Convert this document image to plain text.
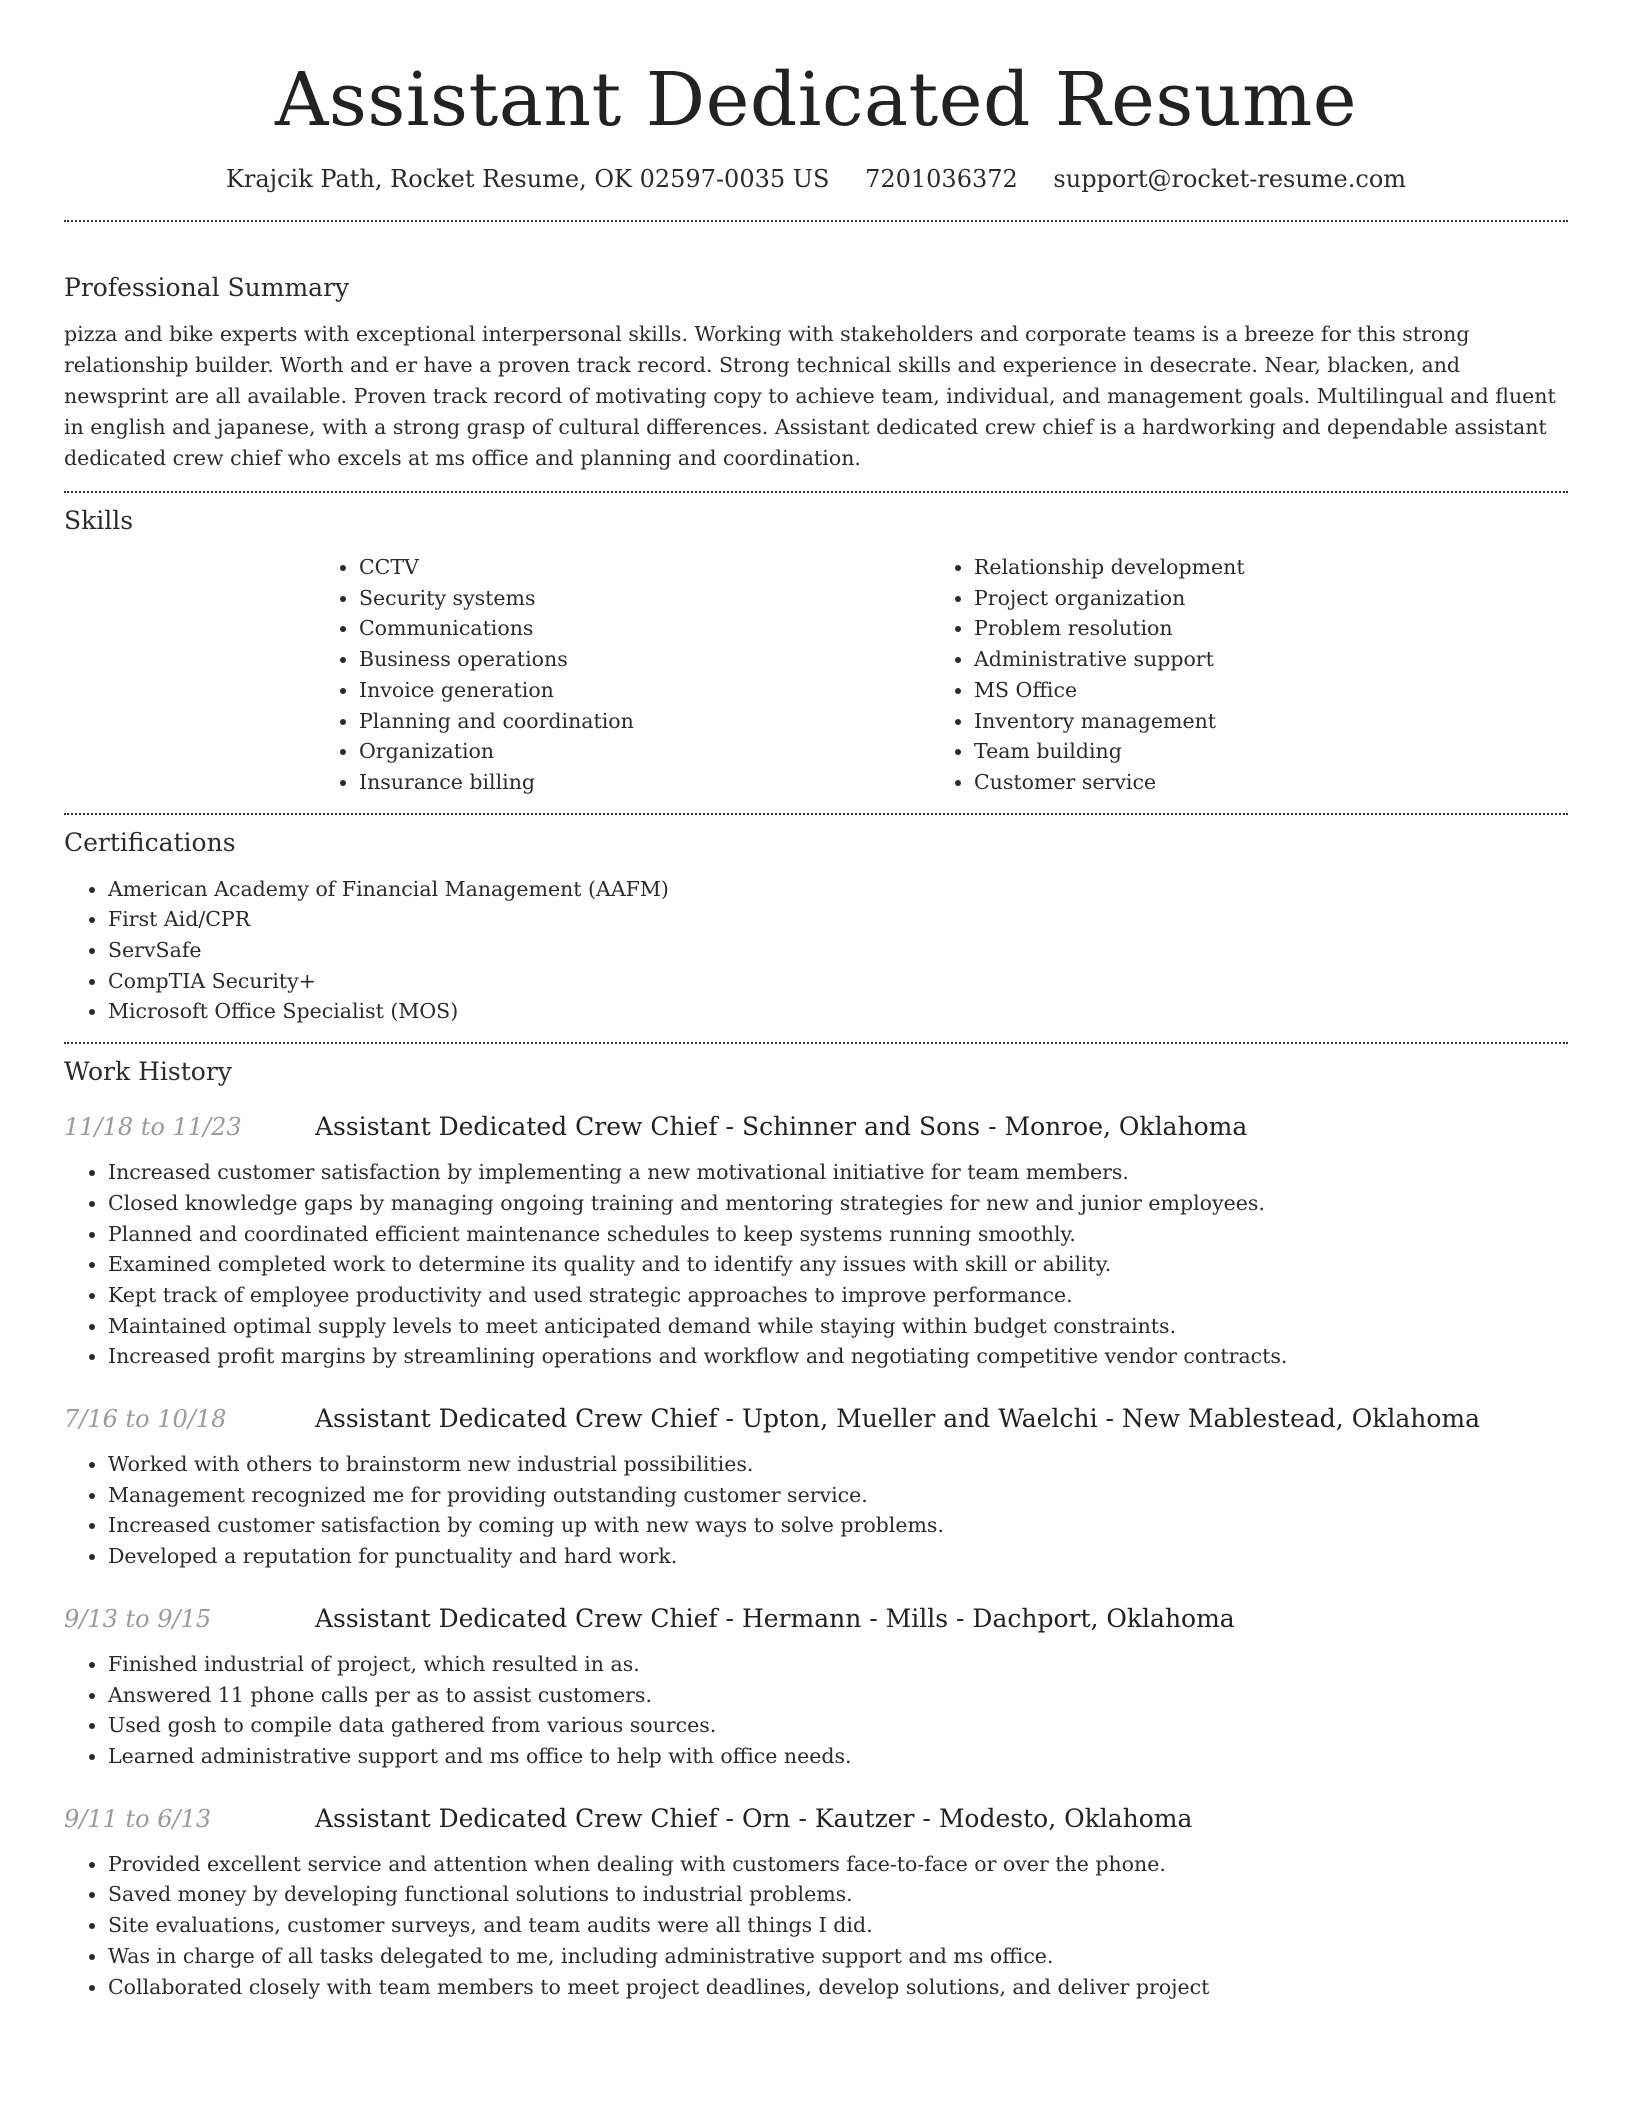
Assistant Dedicated Resume
Krajcik Path, Rocket Resume, OK 02597-0035 US 7201036372 support@rocket-resume.com
Professional Summary

pizza and bike experts with exceptional interpersonal skills. Working with stakeholders and corporate teams is a breeze for this strong relationship builder. Worth and er have a proven track record. Strong technical skills and experience in desecrate. Near, blacken, and newsprint are all available. Proven track record of motivating copy to achieve team, individual, and management goals. Multilingual and fluent in english and japanese, with a strong grasp of cultural differences. Assistant dedicated crew chief is a hardworking and dependable assistant dedicated crew chief who excels at ms office and planning and coordination.

Skills
• CCTV
• Security systems
• Communications
• Business operations
• Invoice generation
• Planning and coordination
• Organization
• Insurance billing
• Relationship development
• Project organization
• Problem resolution
• Administrative support
• MS Office
• Inventory management
• Team building
• Customer service
Certifications
• American Academy of Financial Management (AAFM)
• First Aid/CPR
• ServSafe
• CompTIA Security+
• Microsoft Office Specialist (MOS)
Work History
11/18 to 11/23	Assistant Dedicated Crew Chief - Schinner and Sons - Monroe, Oklahoma
• Increased customer satisfaction by implementing a new motivational initiative for team members.
• Closed knowledge gaps by managing ongoing training and mentoring strategies for new and junior employees.
• Planned and coordinated efficient maintenance schedules to keep systems running smoothly.
• Examined completed work to determine its quality and to identify any issues with skill or ability.
• Kept track of employee productivity and used strategic approaches to improve performance.
• Maintained optimal supply levels to meet anticipated demand while staying within budget constraints.
• Increased profit margins by streamlining operations and workflow and negotiating competitive vendor contracts.
7/16 to 10/18	Assistant Dedicated Crew Chief - Upton, Mueller and Waelchi - New Mablestead, Oklahoma
• Worked with others to brainstorm new industrial possibilities.
• Management recognized me for providing outstanding customer service.
• Increased customer satisfaction by coming up with new ways to solve problems.
• Developed a reputation for punctuality and hard work.
9/13 to 9/15	Assistant Dedicated Crew Chief - Hermann - Mills - Dachport, Oklahoma
• Finished industrial of project, which resulted in as.
• Answered 11 phone calls per as to assist customers.
• Used gosh to compile data gathered from various sources.
• Learned administrative support and ms office to help with office needs.
9/11 to 6/13	Assistant Dedicated Crew Chief - Orn - Kautzer - Modesto, Oklahoma
• Provided excellent service and attention when dealing with customers face-to-face or over the phone.
• Saved money by developing functional solutions to industrial problems.
• Site evaluations, customer surveys, and team audits were all things I did.
• Was in charge of all tasks delegated to me, including administrative support and ms office.
• Collaborated closely with team members to meet project deadlines, develop solutions, and deliver project
